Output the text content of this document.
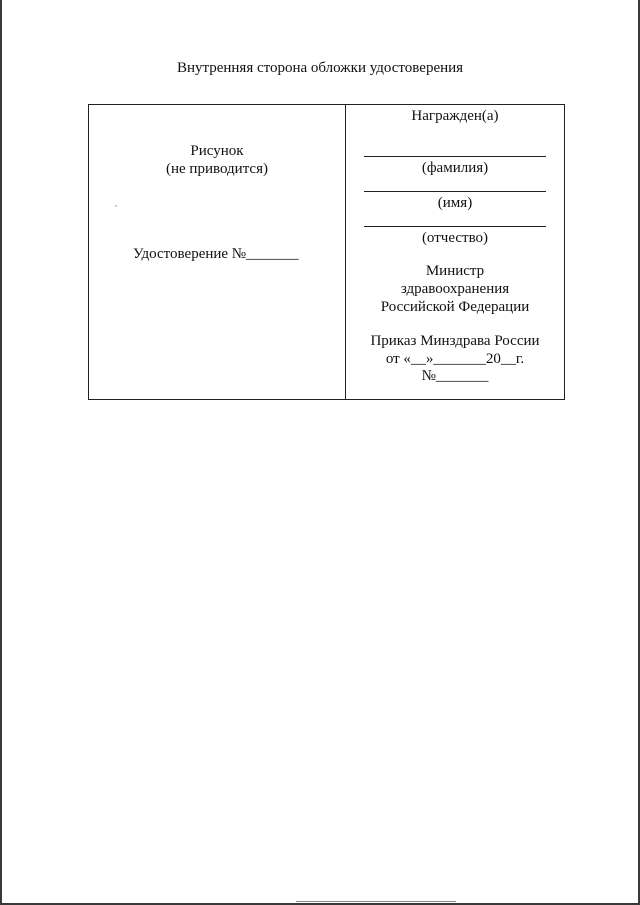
Внутренняя сторона обложки удостоверения
Рисунок
(не приводится)
Удостоверение №_______
Награжден(а)
(фамилия)
(имя)
(отчество)
Министр
здравоохранения
Российской Федерации
Приказ Минздрава России
от «__»_______20__г.
№_______
